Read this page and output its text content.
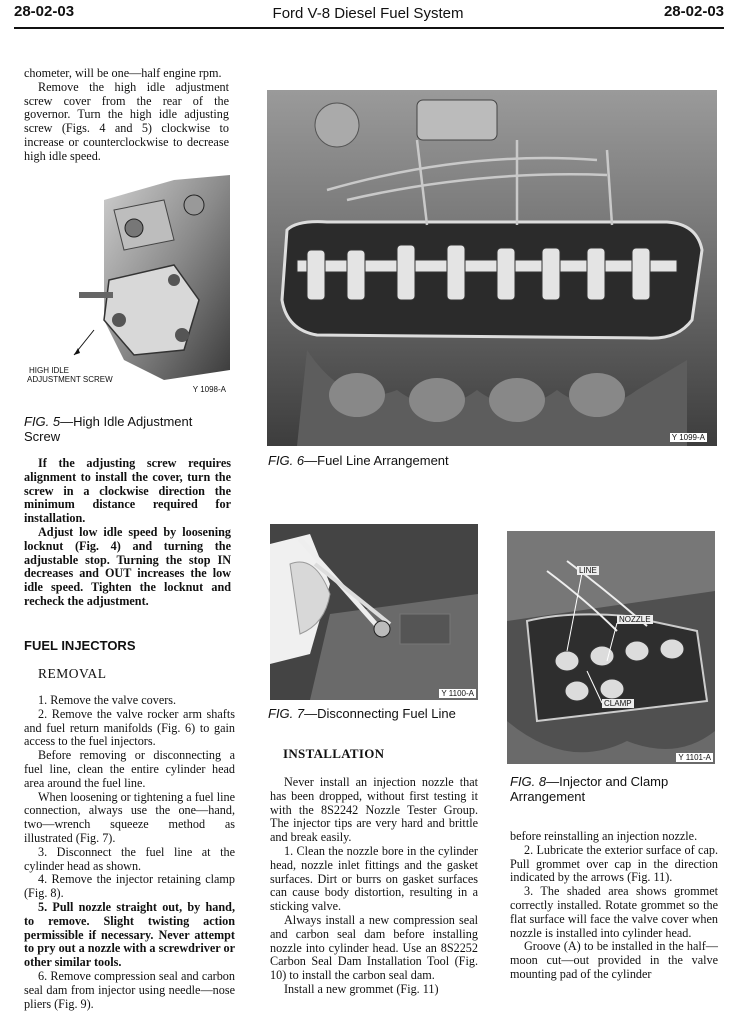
28-02-03	Ford V-8 Diesel Fuel System	28-02-03

chometer, will be one—half engine rpm.

Remove the high idle adjustment screw cover from the rear of the governor. Turn the high idle adjusting screw (Figs. 4 and 5) clockwise to increase or counterclockwise to decrease high idle speed.

HIGH IDLE
ADJUSTMENT SCREW
Y 1098-A
FIG. 5—High Idle Adjustment Screw

If the adjusting screw requires alignment to install the cover, turn the screw in a clockwise direction the minimum distance required for installation.

Adjust low idle speed by loosening locknut (Fig. 4) and turning the adjustable stop. Turning the stop IN decreases and OUT increases the low idle speed. Tighten the locknut and recheck the adjustment.

FUEL INJECTORS
REMOVAL

1. Remove the valve covers.

2. Remove the valve rocker arm shafts and fuel return manifolds (Fig. 6) to gain access to the fuel injectors.

Before removing or disconnecting a fuel line, clean the entire cylinder head area around the fuel line.

When loosening or tightening a fuel line connection, always use the one—hand, two—wrench squeeze method as illustrated (Fig. 7).

3. Disconnect the fuel line at the cylinder head as shown.

4. Remove the injector retaining clamp (Fig. 8).

5. Pull nozzle straight out, by hand, to remove. Slight twisting action permissible if necessary. Never attempt to pry out a nozzle with a screwdriver or other similar tools.

6. Remove compression seal and carbon seal dam from injector using needle—nose pliers (Fig. 9).

Y 1099-A
FIG. 6—Fuel Line Arrangement
Y 1100-A
FIG. 7—Disconnecting Fuel Line
LINE
NOZZLE
CLAMP
Y 1101-A
FIG. 8—Injector and Clamp Arrangement
INSTALLATION

Never install an injection nozzle that has been dropped, without first testing it with the 8S2242 Nozzle Tester Group. The injector tips are very hard and brittle and break easily.

1. Clean the nozzle bore in the cylinder head, nozzle inlet fittings and the gasket surfaces. Dirt or burrs on gasket surfaces can cause body distortion, resulting in a sticking valve.

Always install a new compression seal and carbon seal dam before installing nozzle into cylinder head. Use an 8S2252 Carbon Seal Dam Installation Tool (Fig. 10) to install the carbon seal dam.

Install a new grommet (Fig. 11)

before reinstalling an injection nozzle.

2. Lubricate the exterior surface of cap. Pull grommet over cap in the direction indicated by the arrows (Fig. 11).

3. The shaded area shows grommet correctly installed. Rotate grommet so the flat surface will face the valve cover when nozzle is installed into cylinder head.

Groove (A) to be installed in the half—moon cut—out provided in the valve mounting pad of the cylinder
